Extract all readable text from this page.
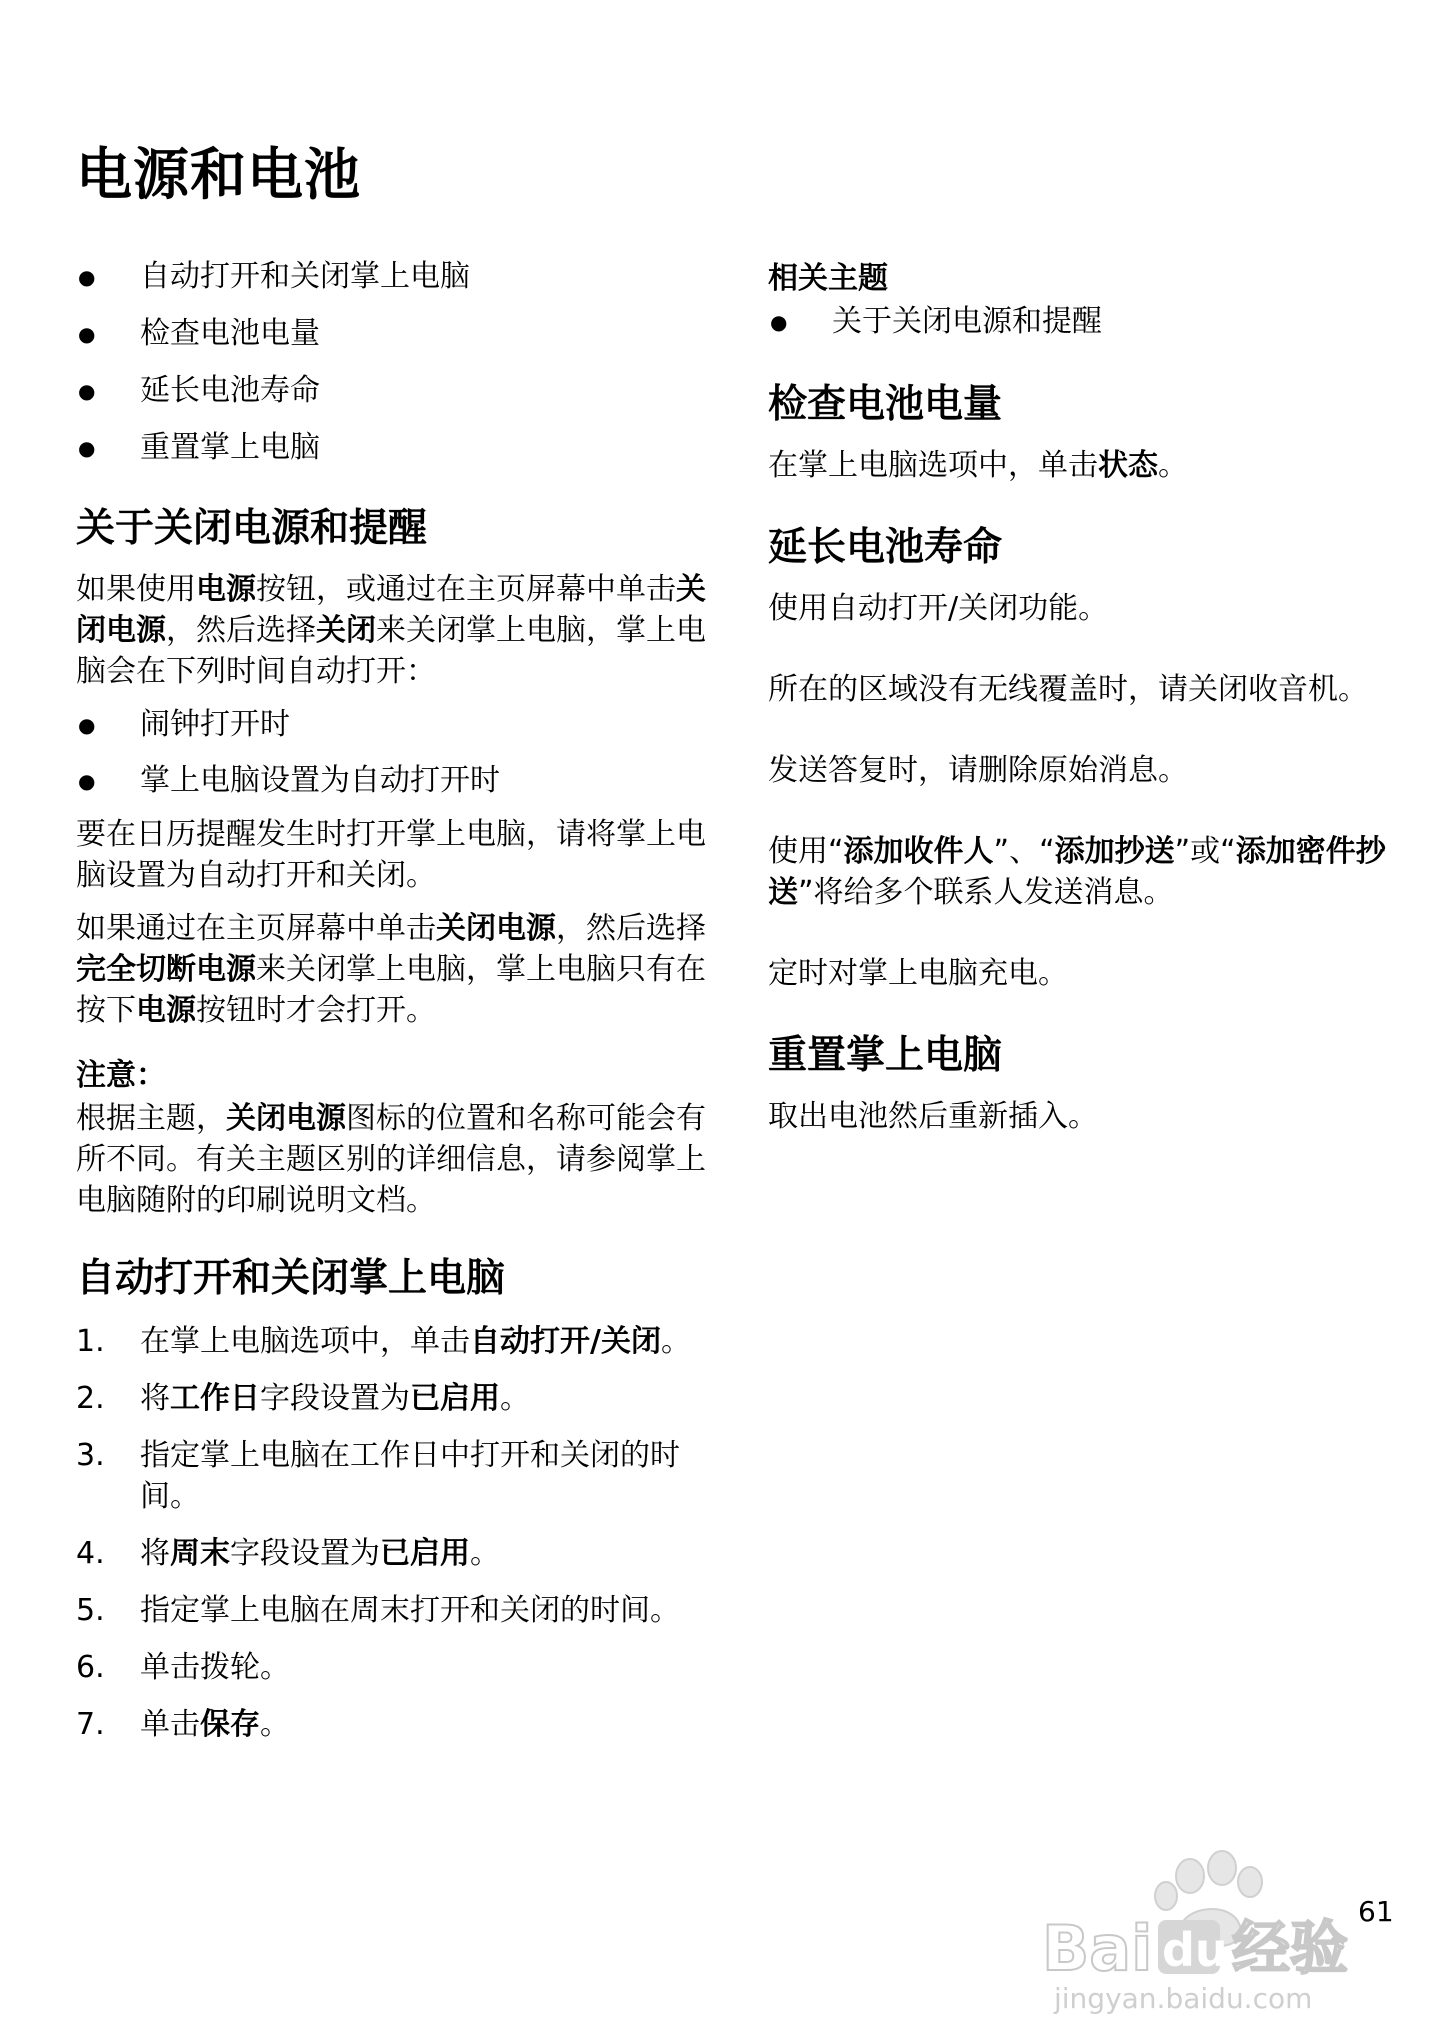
电源和电池
● 自动打开和关闭掌上电脑
● 检查电池电量
● 延长电池寿命
● 重置掌上电脑
关于关闭电源和提醒

如果使用电源按钮，或通过在主页屏幕中单击关闭电源，然后选择关闭来关闭掌上电脑，掌上电脑会在下列时间自动打开：

● 闹钟打开时
● 掌上电脑设置为自动打开时

要在日历提醒发生时打开掌上电脑，请将掌上电脑设置为自动打开和关闭。

如果通过在主页屏幕中单击关闭电源，然后选择完全切断电源来关闭掌上电脑，掌上电脑只有在按下电源按钮时才会打开。

注意：

根据主题，关闭电源图标的位置和名称可能会有所不同。有关主题区别的详细信息，请参阅掌上电脑随附的印刷说明文档。

自动打开和关闭掌上电脑
1. 在掌上电脑选项中，单击自动打开/关闭。
2. 将工作日字段设置为已启用。
3. 指定掌上电脑在工作日中打开和关闭的时间。
4. 将周末字段设置为已启用。
5. 指定掌上电脑在周末打开和关闭的时间。
6. 单击拨轮。
7. 单击保存。

相关主题

● 关于关闭电源和提醒
检查电池电量

在掌上电脑选项中，单击状态。

延长电池寿命

使用自动打开/关闭功能。

所在的区域没有无线覆盖时，请关闭收音机。

发送答复时，请删除原始消息。

使用“添加收件人”、“添加抄送”或“添加密件抄送”将给多个联系人发送消息。

定时对掌上电脑充电。

重置掌上电脑

取出电池然后重新插入。

Bai du 经验
jingyan.baidu.com
61
